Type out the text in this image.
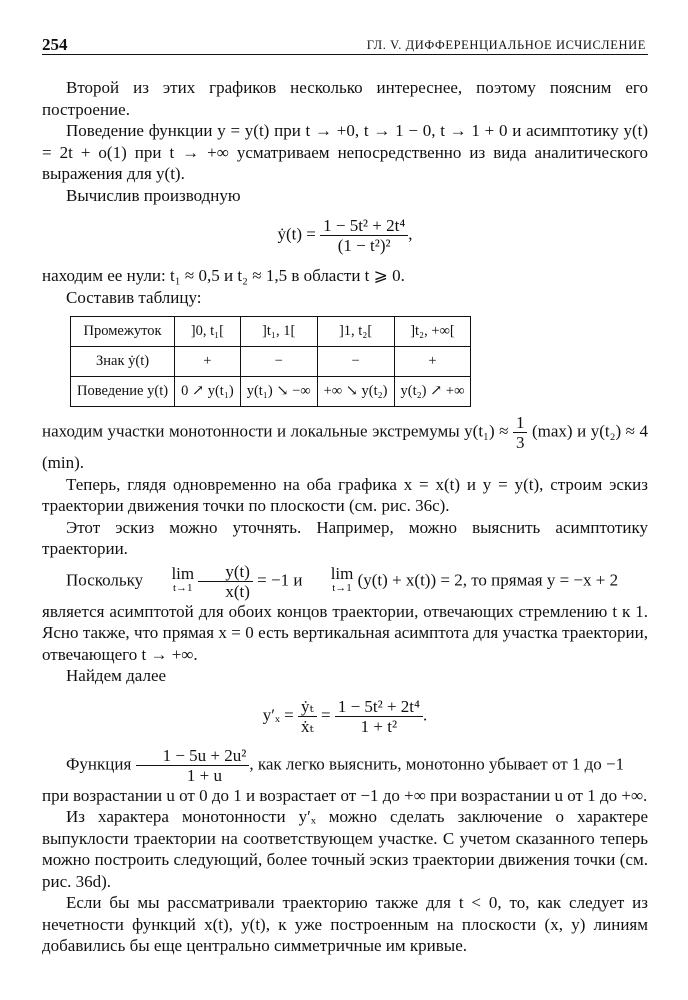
254	ГЛ. V. ДИФФЕРЕНЦИАЛЬНОЕ ИСЧИСЛЕНИЕ

Второй из этих графиков несколько интереснее, поэтому поясним его построение.

Поведение функции y = y(t) при t → +0, t → 1 − 0, t → 1 + 0 и асимптотику y(t) = 2t + o(1) при t → +∞ усматриваем непосредственно из вида аналитического выражения для y(t).

Вычислив производную

ẏ(t) = $\frac{\text{1 − 5t² + 2t⁴}}{\text{(1 − t²)²}}$ ,

находим ее нули: t₁ ≈ 0,5 и t₂ ≈ 1,5 в области t ⩾ 0.

Составив таблицу:

Промежуток	]0, t₁[	]t₁, 1[	]1, t₂[	]t₂, +∞[
Знак ẏ(t)	+	−	−	+
Поведение y(t)	0 ↗ y(t₁)	y(t₁) ↘ −∞	+∞ ↘ y(t₂)	y(t₂) ↗ +∞

находим участки монотонности и локальные экстремумы $y(t_1) \approx \frac{1}{3} (\max)$ и y(t₂) ≈ 4 (min).

Теперь, глядя одновременно на оба графика x = x(t) и y = y(t), строим эскиз траектории движения точки по плоскости (см. рис. 36c).

Этот эскиз можно уточнять. Например, можно выяснить асимптотику траектории.

Поскольку lim
t→1
$\frac{y(t)}{x(t)} = -1$ и lim
t→1 (y(t) + x(t)) = 2, то прямая y = −x + 2

является асимптотой для обоих концов траектории, отвечающих стремлению t к 1. Ясно также, что прямая x = 0 есть вертикальная асимптота для участка траектории, отвечающего t → +∞.

Найдем далее

$y'_x = \frac{\text{ẏₜ}}{\text{ẋₜ}} = \frac{\text{1 − 5t² + 2t⁴}}{\text{1 + t²}}$ .

Функция $\frac{\text{1 − 5u + 2u²}}{1 + u}$ , как легко выяснить, монотонно убывает от 1 до −1

при возрастании u от 0 до 1 и возрастает от −1 до +∞ при возрастании u от 1 до +∞.

Из характера монотонности y′ₓ можно сделать заключение о характере выпуклости траектории на соответствующем участке. С учетом сказанного теперь можно построить следующий, более точный эскиз траектории движения точки (см. рис. 36d).

Если бы мы рассматривали траекторию также для t < 0, то, как следует из нечетности функций x(t), y(t), к уже построенным на плоскости (x, y) линиям добавились бы еще центрально симметричные им кривые.
